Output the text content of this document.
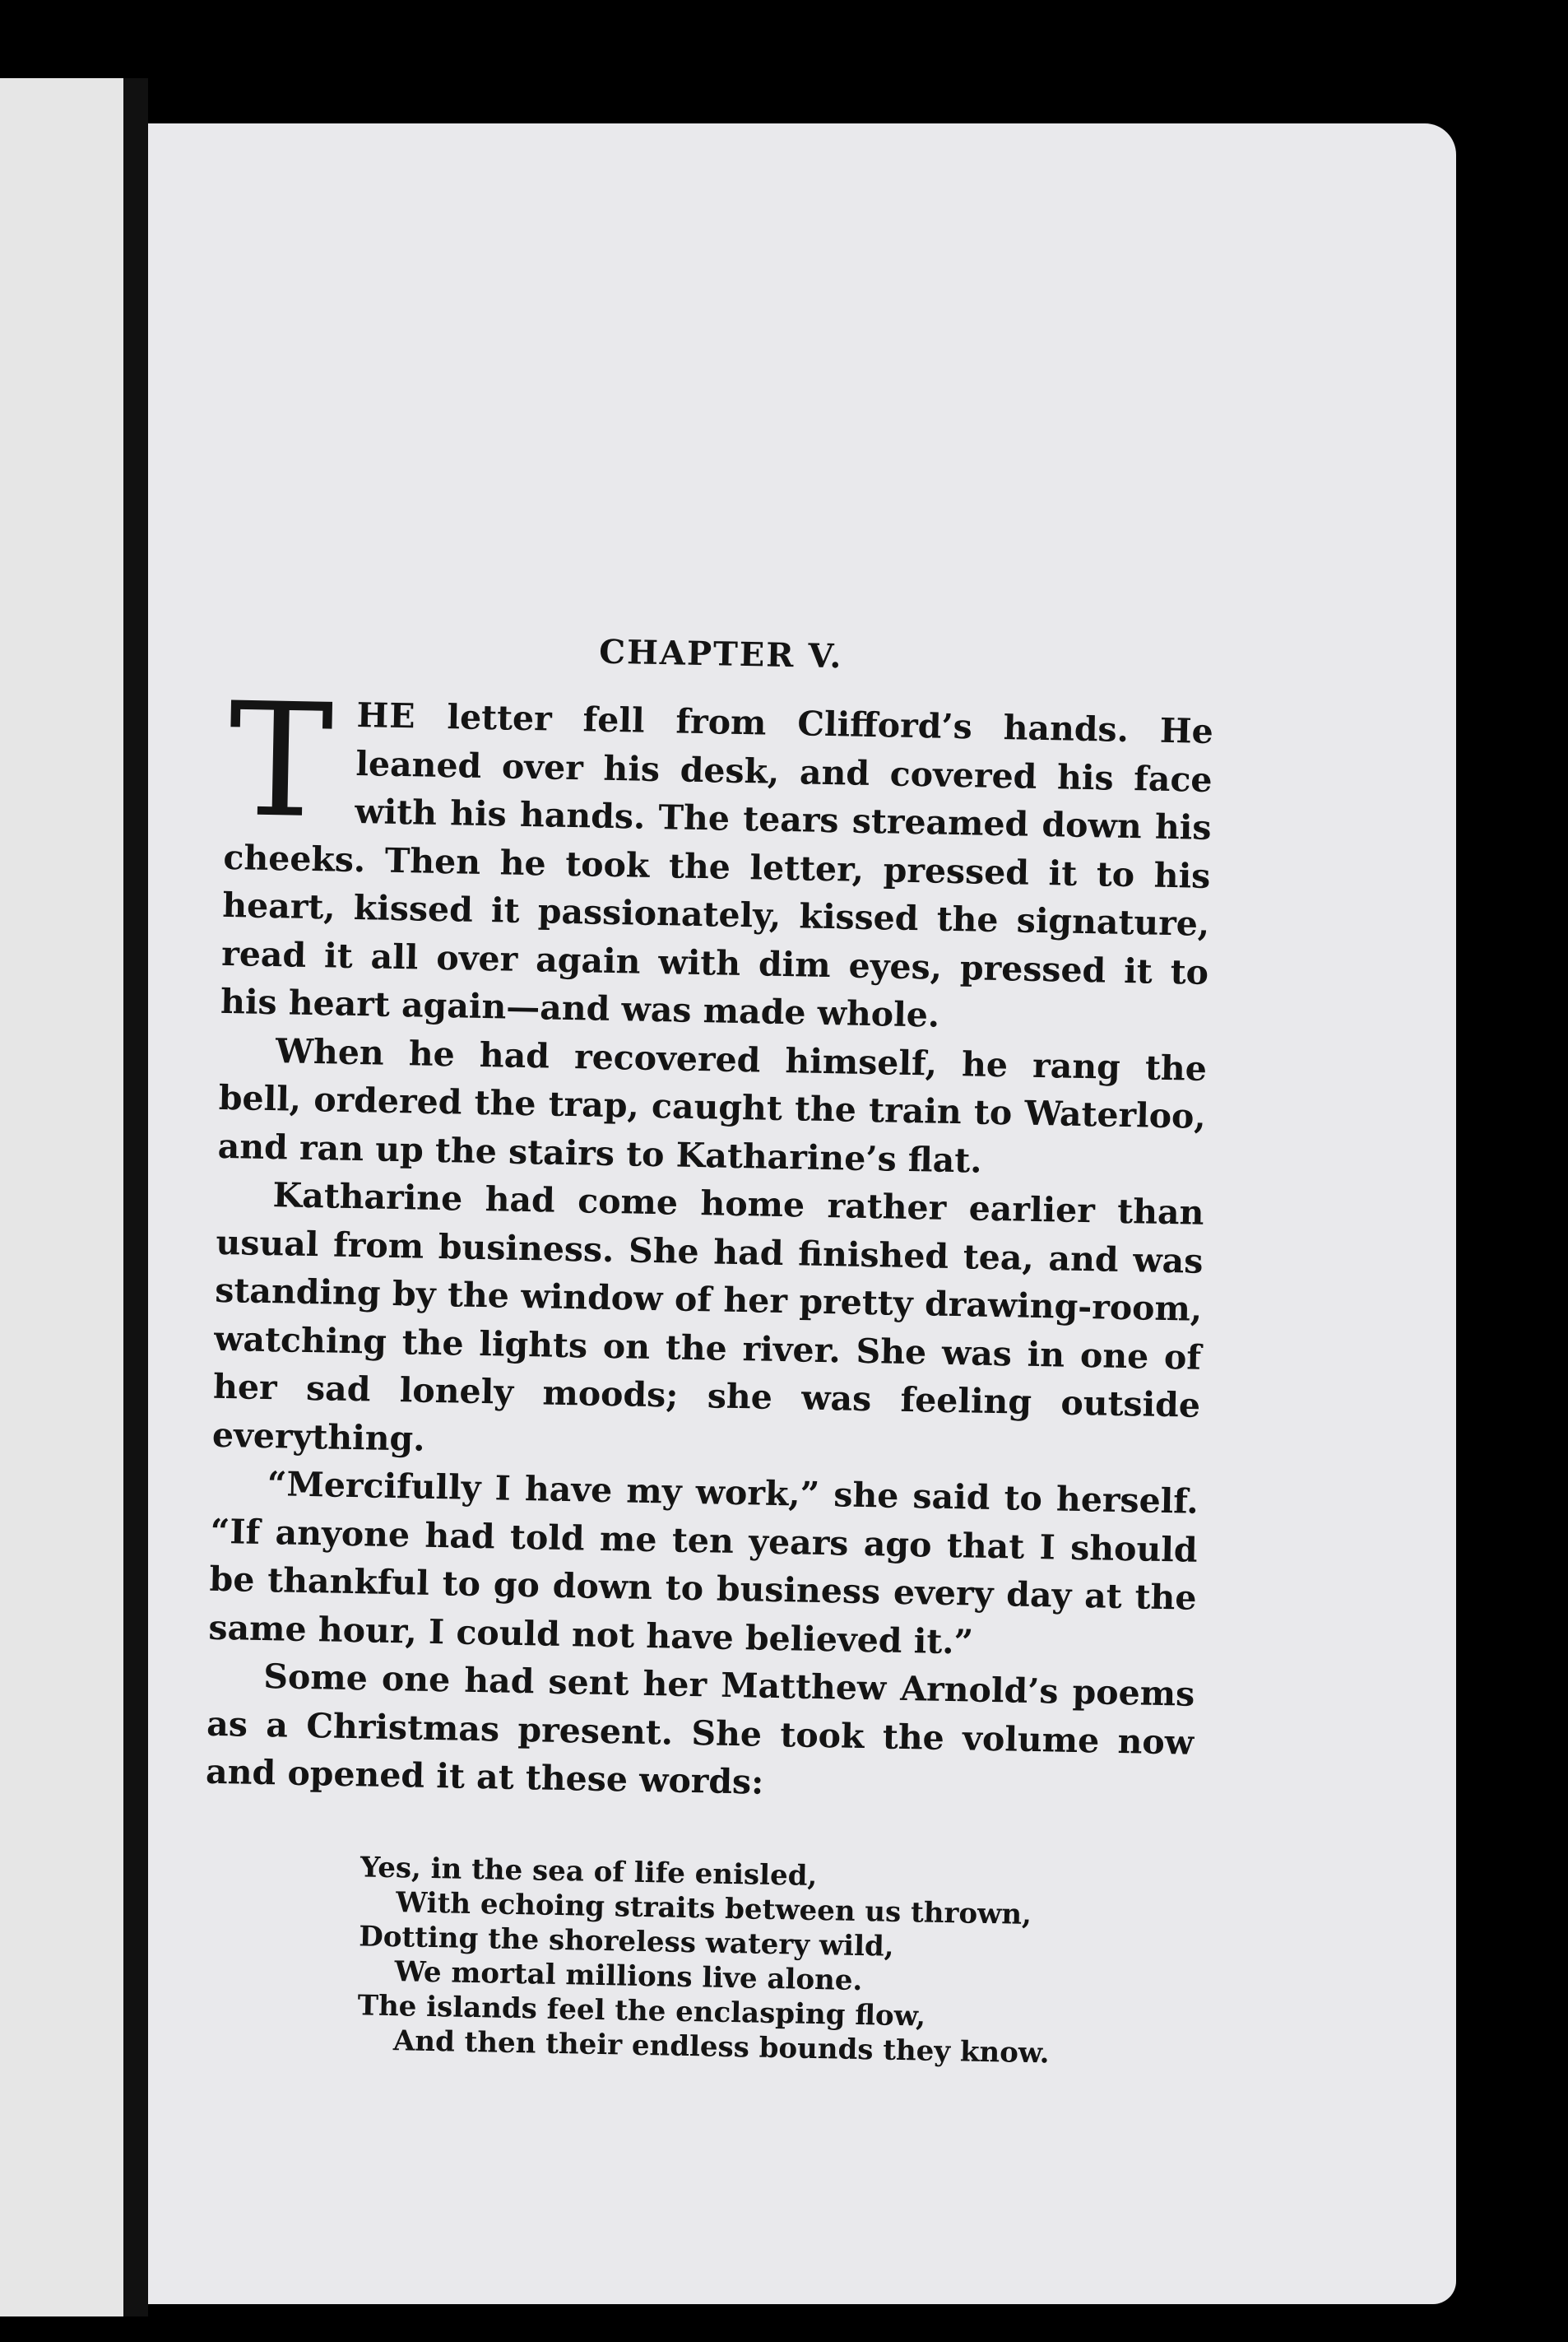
CHAPTER V.

THE letter fell from Clifford’s hands. He leaned over his desk, and covered his face with his hands. The tears streamed down his cheeks. Then he took the letter, pressed it to his heart, kissed it passionately, kissed the signature, read it all over again with dim eyes, pressed it to his heart again—and was made whole.

When he had recovered himself, he rang the bell, ordered the trap, caught the train to Waterloo, and ran up the stairs to Katharine’s flat.

Katharine had come home rather earlier than usual from business. She had finished tea, and was standing by the window of her pretty drawing-room, watching the lights on the river. She was in one of her sad lonely moods; she was feeling outside everything.

“Mercifully I have my work,” she said to herself. “If anyone had told me ten years ago that I should be thankful to go down to business every day at the same hour, I could not have believed it.”

Some one had sent her Matthew Arnold’s poems as a Christmas present. She took the volume now and opened it at these words:

Yes, in the sea of life enisled,
With echoing straits between us thrown,
Dotting the shoreless watery wild,
We mortal millions live alone.
The islands feel the enclasping flow,
And then their endless bounds they know.
